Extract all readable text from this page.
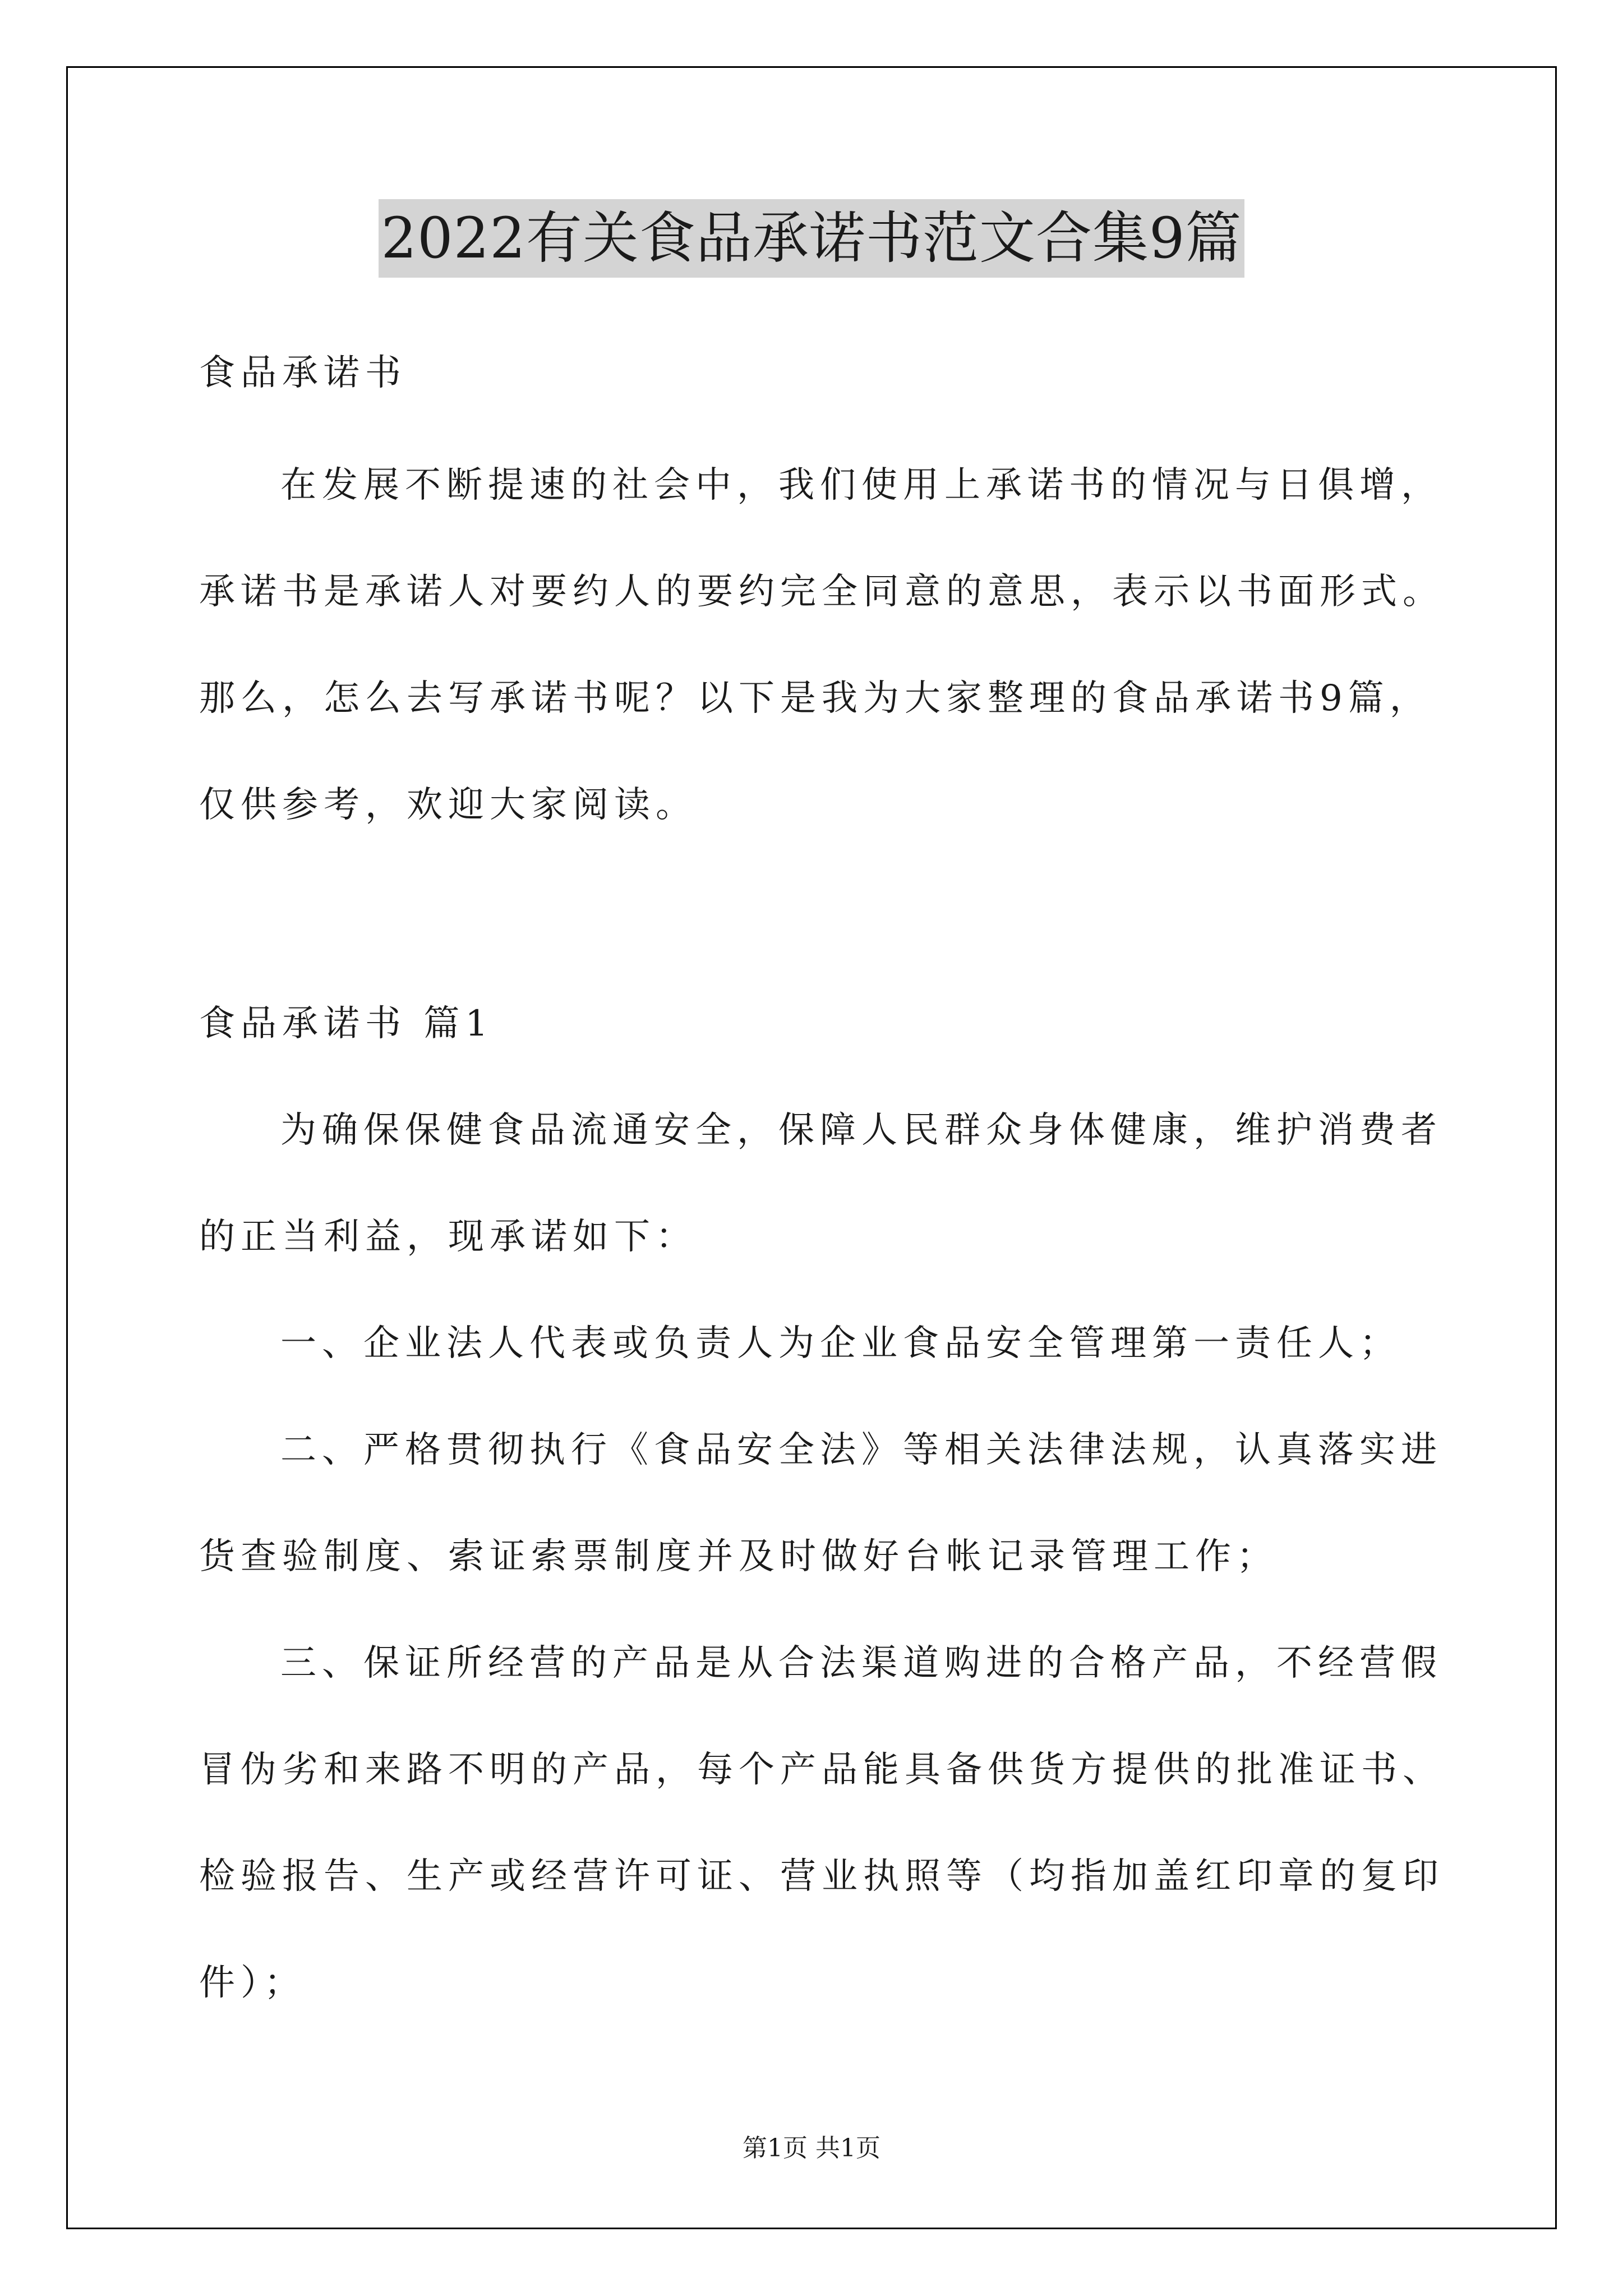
2022有关食品承诺书范文合集9篇
食品承诺书
在发展不断提速的社会中，我们使用上承诺书的情况与日俱增，
承诺书是承诺人对要约人的要约完全同意的意思，表示以书面形式。
那么，怎么去写承诺书呢？以下是我为大家整理的食品承诺书9篇，
仅供参考，欢迎大家阅读。
食品承诺书 篇1
为确保保健食品流通安全，保障人民群众身体健康，维护消费者
的正当利益，现承诺如下：
一、企业法人代表或负责人为企业食品安全管理第一责任人；
二、严格贯彻执行《食品安全法》等相关法律法规，认真落实进
货查验制度、索证索票制度并及时做好台帐记录管理工作；
三、保证所经营的产品是从合法渠道购进的合格产品，不经营假
冒伪劣和来路不明的产品，每个产品能具备供货方提供的批准证书、
检验报告、生产或经营许可证、营业执照等（均指加盖红印章的复印
件）；
第1页 共1页
